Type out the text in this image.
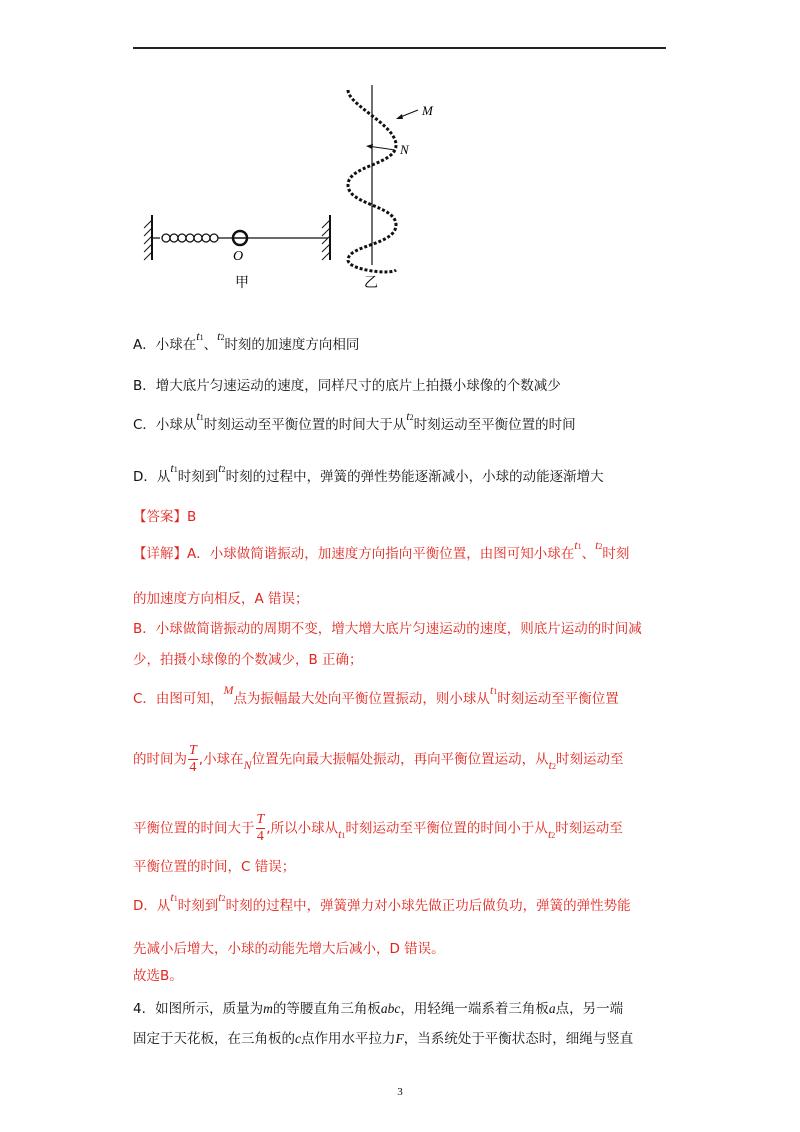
M
N
O
甲	乙
A．小球在t1、t2时刻的加速度方向相同
B．增大底片匀速运动的速度，同样尺寸的底片上拍摄小球像的个数减少
C．小球从t1时刻运动至平衡位置的时间大于从t2时刻运动至平衡位置的时间
D．从t1时刻到t2时刻的过程中，弹簧的弹性势能逐渐减小，小球的动能逐渐增大
【答案】B
【详解】A．小球做简谐振动，加速度方向指向平衡位置，由图可知小球在t1、t2时刻
的加速度方向相反，A 错误；
B．小球做简谐振动的周期不变，增大增大底片匀速运动的速度，则底片运动的时间减
少，拍摄小球像的个数减少，B 正确；
C．由图可知，M点为振幅最大处向平衡位置振动，则小球从t1时刻运动至平衡位置
的时间为 $\frac{T}{4}$ ,小球在N位置先向最大振幅处振动，再向平衡位置运动，从t2时刻运动至
平衡位置的时间大于 $\frac{T}{4}$ ,所以小球从t1时刻运动至平衡位置的时间小于从t2时刻运动至
平衡位置的时间，C 错误；
D．从t1时刻到t2时刻的过程中，弹簧弹力对小球先做正功后做负功，弹簧的弹性势能
先减小后增大，小球的动能先增大后减小，D 错误。
故选B。
4．如图所示，质量为m的等腰直角三角板abc，用轻绳一端系着三角板a点，另一端
固定于天花板，在三角板的c点作用水平拉力F，当系统处于平衡状态时，细绳与竖直
3
